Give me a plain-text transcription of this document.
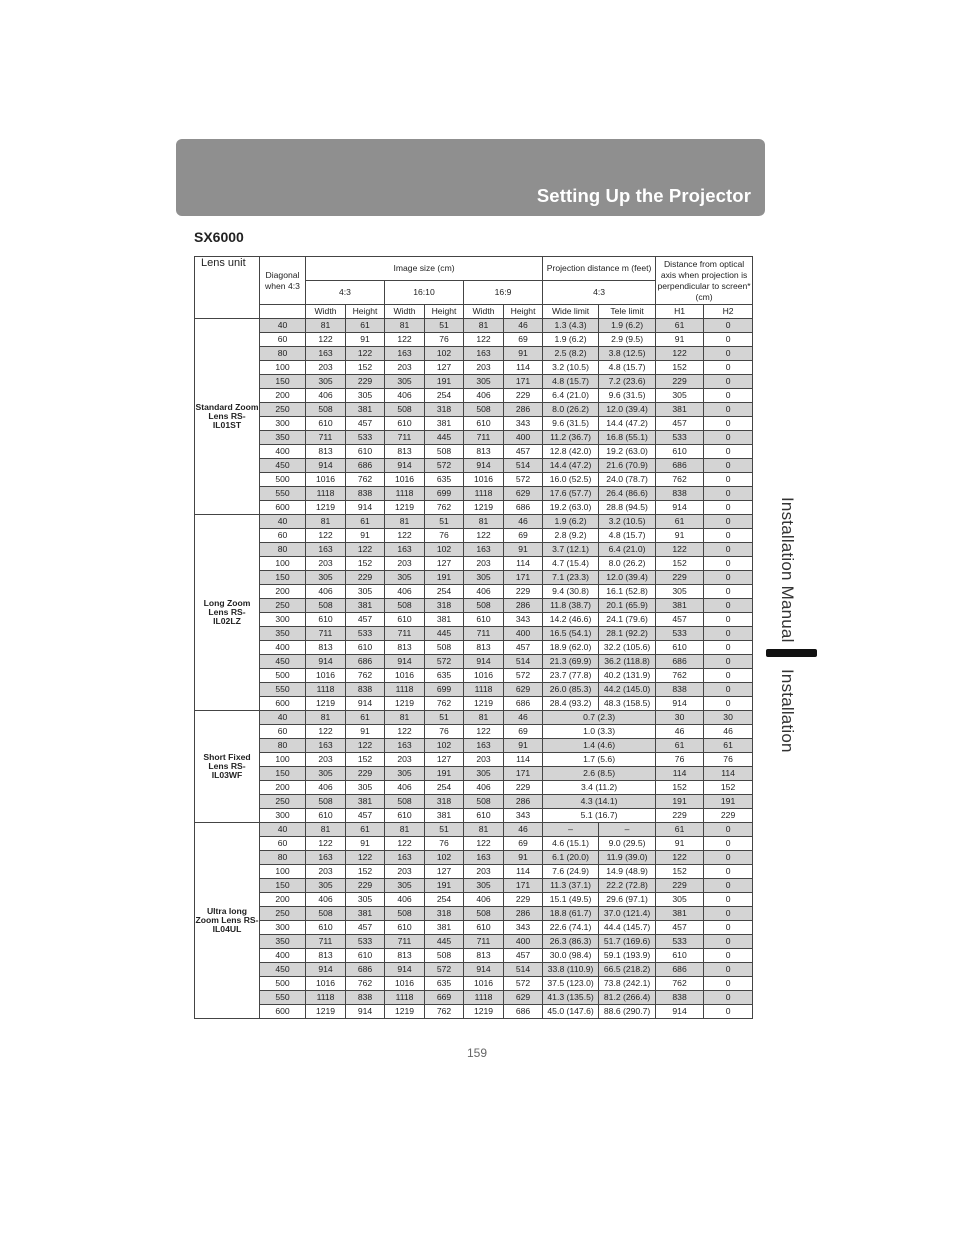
Setting Up the Projector
SX6000
Installation Manual
Installation
Lens unit	Diagonal when 4:3	Image size (cm)						Projection distance m (feet)		Distance from optical axis when projection is perpendicular to screen* (cm)	
		4:3		16:10		16:9		4:3			
		Width	Height	Width	Height	Width	Height	Wide limit	Tele limit	H1	H2
Standard Zoom Lens RS-IL01ST	40	81	61	81	51	81	46	1.3 (4.3)	1.9 (6.2)	61	0
	60	122	91	122	76	122	69	1.9 (6.2)	2.9 (9.5)	91	0
	80	163	122	163	102	163	91	2.5 (8.2)	3.8 (12.5)	122	0
	100	203	152	203	127	203	114	3.2 (10.5)	4.8 (15.7)	152	0
	150	305	229	305	191	305	171	4.8 (15.7)	7.2 (23.6)	229	0
	200	406	305	406	254	406	229	6.4 (21.0)	9.6 (31.5)	305	0
	250	508	381	508	318	508	286	8.0 (26.2)	12.0 (39.4)	381	0
	300	610	457	610	381	610	343	9.6 (31.5)	14.4 (47.2)	457	0
	350	711	533	711	445	711	400	11.2 (36.7)	16.8 (55.1)	533	0
	400	813	610	813	508	813	457	12.8 (42.0)	19.2 (63.0)	610	0
	450	914	686	914	572	914	514	14.4 (47.2)	21.6 (70.9)	686	0
	500	1016	762	1016	635	1016	572	16.0 (52.5)	24.0 (78.7)	762	0
	550	1118	838	1118	699	1118	629	17.6 (57.7)	26.4 (86.6)	838	0
	600	1219	914	1219	762	1219	686	19.2 (63.0)	28.8 (94.5)	914	0
Long Zoom Lens RS-IL02LZ	40	81	61	81	51	81	46	1.9 (6.2)	3.2 (10.5)	61	0
	60	122	91	122	76	122	69	2.8 (9.2)	4.8 (15.7)	91	0
	80	163	122	163	102	163	91	3.7 (12.1)	6.4 (21.0)	122	0
	100	203	152	203	127	203	114	4.7 (15.4)	8.0 (26.2)	152	0
	150	305	229	305	191	305	171	7.1 (23.3)	12.0 (39.4)	229	0
	200	406	305	406	254	406	229	9.4 (30.8)	16.1 (52.8)	305	0
	250	508	381	508	318	508	286	11.8 (38.7)	20.1 (65.9)	381	0
	300	610	457	610	381	610	343	14.2 (46.6)	24.1 (79.6)	457	0
	350	711	533	711	445	711	400	16.5 (54.1)	28.1 (92.2)	533	0
	400	813	610	813	508	813	457	18.9 (62.0)	32.2 (105.6)	610	0
	450	914	686	914	572	914	514	21.3 (69.9)	36.2 (118.8)	686	0
	500	1016	762	1016	635	1016	572	23.7 (77.8)	40.2 (131.9)	762	0
	550	1118	838	1118	699	1118	629	26.0 (85.3)	44.2 (145.0)	838	0
	600	1219	914	1219	762	1219	686	28.4 (93.2)	48.3 (158.5)	914	0
Short Fixed Lens RS-IL03WF	40	81	61	81	51	81	46	0.7 (2.3)		30	30
	60	122	91	122	76	122	69	1.0 (3.3)		46	46
	80	163	122	163	102	163	91	1.4 (4.6)		61	61
	100	203	152	203	127	203	114	1.7 (5.6)		76	76
	150	305	229	305	191	305	171	2.6 (8.5)		114	114
	200	406	305	406	254	406	229	3.4 (11.2)		152	152
	250	508	381	508	318	508	286	4.3 (14.1)		191	191
	300	610	457	610	381	610	343	5.1 (16.7)		229	229
Ultra long Zoom Lens RS-IL04UL	40	81	61	81	51	81	46	–	–	61	0
	60	122	91	122	76	122	69	4.6 (15.1)	9.0 (29.5)	91	0
	80	163	122	163	102	163	91	6.1 (20.0)	11.9 (39.0)	122	0
	100	203	152	203	127	203	114	7.6 (24.9)	14.9 (48.9)	152	0
	150	305	229	305	191	305	171	11.3 (37.1)	22.2 (72.8)	229	0
	200	406	305	406	254	406	229	15.1 (49.5)	29.6 (97.1)	305	0
	250	508	381	508	318	508	286	18.8 (61.7)	37.0 (121.4)	381	0
	300	610	457	610	381	610	343	22.6 (74.1)	44.4 (145.7)	457	0
	350	711	533	711	445	711	400	26.3 (86.3)	51.7 (169.6)	533	0
	400	813	610	813	508	813	457	30.0 (98.4)	59.1 (193.9)	610	0
	450	914	686	914	572	914	514	33.8 (110.9)	66.5 (218.2)	686	0
	500	1016	762	1016	635	1016	572	37.5 (123.0)	73.8 (242.1)	762	0
	550	1118	838	1118	669	1118	629	41.3 (135.5)	81.2 (266.4)	838	0
	600	1219	914	1219	762	1219	686	45.0 (147.6)	88.6 (290.7)	914	0
159
